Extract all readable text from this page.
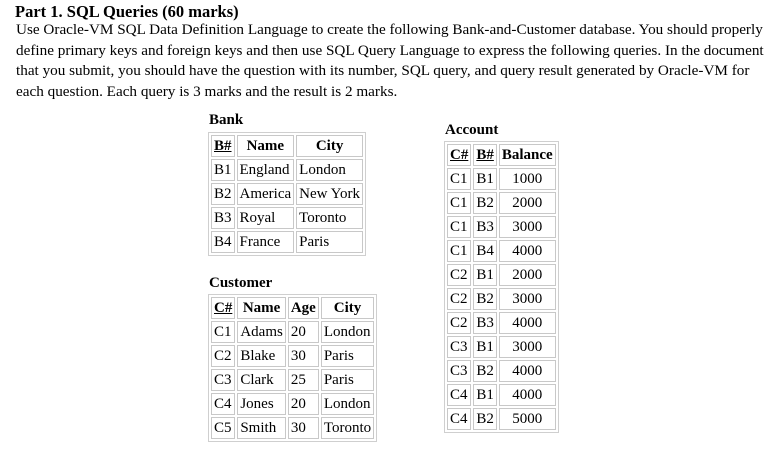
Part 1. SQL Queries (60 marks)

Use Oracle-VM SQL Data Definition Language to create the following Bank-and-Customer database. You should properly define primary keys and foreign keys and then use SQL Query Language to express the following queries. In the document that you submit, you should have the question with its number, SQL query, and query result generated by Oracle-VM for each question. Each query is 3 marks and the result is 2 marks.

Bank
B#	Name	City
B1	England	London
B2	America	New York
B3	Royal	Toronto
B4	France	Paris
Customer
C#	Name	Age	City
C1	Adams	20	London
C2	Blake	30	Paris
C3	Clark	25	Paris
C4	Jones	20	London
C5	Smith	30	Toronto
Account
C#	B#	Balance
C1	B1	1000
C1	B2	2000
C1	B3	3000
C1	B4	4000
C2	B1	2000
C2	B2	3000
C2	B3	4000
C3	B1	3000
C3	B2	4000
C4	B1	4000
C4	B2	5000
